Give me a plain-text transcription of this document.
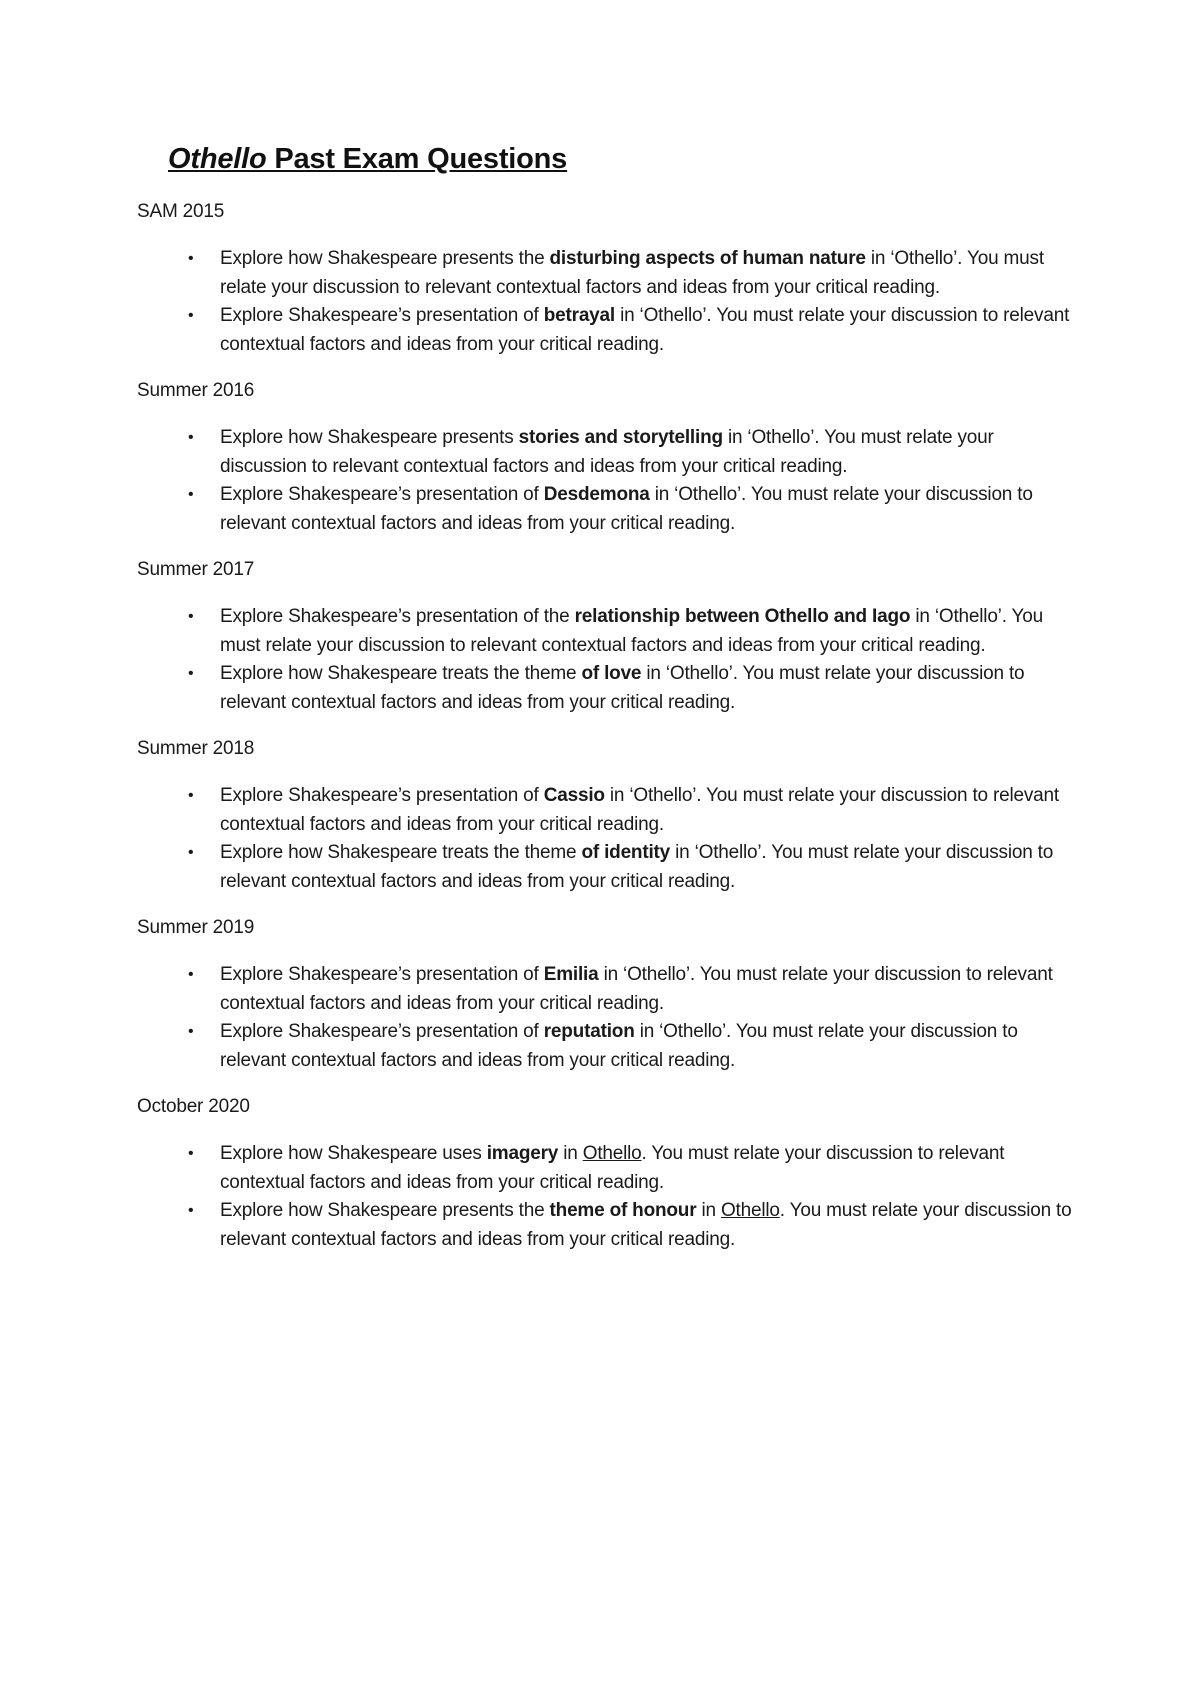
Othello Past Exam Questions
SAM 2015
• Explore how Shakespeare presents the disturbing aspects of human nature in ‘Othello’. You must relate your discussion to relevant contextual factors and ideas from your critical reading.
• Explore Shakespeare’s presentation of betrayal in ‘Othello’. You must relate your discussion to relevant contextual factors and ideas from your critical reading.
Summer 2016
• Explore how Shakespeare presents stories and storytelling in ‘Othello’. You must relate your discussion to relevant contextual factors and ideas from your critical reading.
• Explore Shakespeare’s presentation of Desdemona in ‘Othello’. You must relate your discussion to relevant contextual factors and ideas from your critical reading.
Summer 2017
• Explore Shakespeare’s presentation of the relationship between Othello and Iago in ‘Othello’. You must relate your discussion to relevant contextual factors and ideas from your critical reading.
• Explore how Shakespeare treats the theme of love in ‘Othello’. You must relate your discussion to relevant contextual factors and ideas from your critical reading.
Summer 2018
• Explore Shakespeare’s presentation of Cassio in ‘Othello’. You must relate your discussion to relevant contextual factors and ideas from your critical reading.
• Explore how Shakespeare treats the theme of identity in ‘Othello’. You must relate your discussion to relevant contextual factors and ideas from your critical reading.
Summer 2019
• Explore Shakespeare’s presentation of Emilia in ‘Othello’. You must relate your discussion to relevant contextual factors and ideas from your critical reading.
• Explore Shakespeare’s presentation of reputation in ‘Othello’. You must relate your discussion to relevant contextual factors and ideas from your critical reading.
October 2020
• Explore how Shakespeare uses imagery in Othello. You must relate your discussion to relevant contextual factors and ideas from your critical reading.
• Explore how Shakespeare presents the theme of honour in Othello. You must relate your discussion to relevant contextual factors and ideas from your critical reading.
